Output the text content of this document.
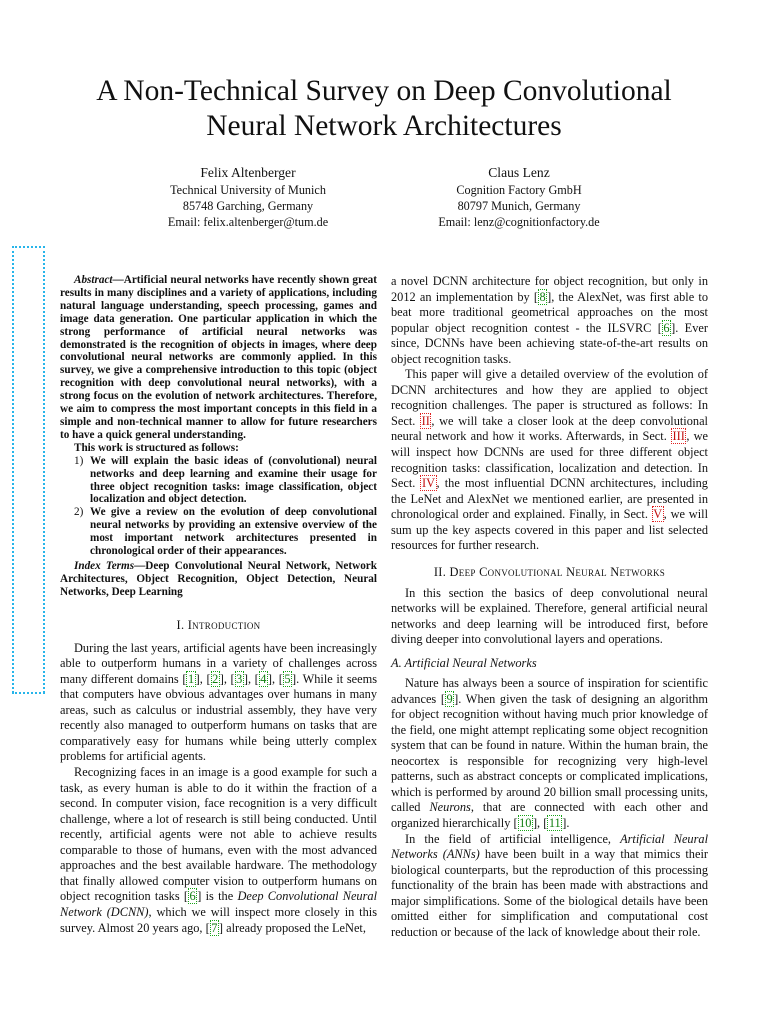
A Non-Technical Survey on Deep Convolutional
Neural Network Architectures
Felix Altenberger
Technical University of Munich
85748 Garching, Germany
Email: felix.altenberger@tum.de
Claus Lenz
Cognition Factory GmbH
80797 Munich, Germany
Email: lenz@cognitionfactory.de

Abstract—Artificial neural networks have recently shown great results in many disciplines and a variety of applications, including natural language understanding, speech processing, games and image data generation. One particular application in which the strong performance of artificial neural networks was demonstrated is the recognition of objects in images, where deep convolutional neural networks are commonly applied. In this survey, we give a comprehensive introduction to this topic (object recognition with deep convolutional neural networks), with a strong focus on the evolution of network architectures. Therefore, we aim to compress the most important concepts in this field in a simple and non-technical manner to allow for future researchers to have a quick general understanding.

This work is structured as follows:

1) We will explain the basic ideas of (convolutional) neural networks and deep learning and examine their usage for three object recognition tasks: image classification, object localization and object detection.
2) We give a review on the evolution of deep convolutional neural networks by providing an extensive overview of the most important network architectures presented in chronological order of their appearances.

Index Terms—Deep Convolutional Neural Network, Network Architectures, Object Recognition, Object Detection, Neural Networks, Deep Learning

I. Introduction

During the last years, artificial agents have been increasingly able to outperform humans in a variety of challenges across many different domains [ 1 ], [ 2 ], [ 3 ], [ 4 ], [ 5 ]. While it seems that computers have obvious advantages over humans in many areas, such as calculus or industrial assembly, they have very recently also managed to outperform humans on tasks that are comparatively easy for humans while being utterly complex problems for artificial agents.

Recognizing faces in an image is a good example for such a task, as every human is able to do it within the fraction of a second. In computer vision, face recognition is a very difficult challenge, where a lot of research is still being conducted. Until recently, artificial agents were not able to achieve results comparable to those of humans, even with the most advanced approaches and the best available hardware. The methodology that finally allowed computer vision to outperform humans on object recognition tasks [ 6 ] is the Deep Convolutional Neural Network (DCNN), which we will inspect more closely in this survey. Almost 20 years ago, [ 7 ] already proposed the LeNet,

a novel DCNN architecture for object recognition, but only in 2012 an implementation by [ 8 ], the AlexNet, was first able to beat more traditional geometrical approaches on the most popular object recognition contest - the ILSVRC [ 6 ]. Ever since, DCNNs have been achieving state-of-the-art results on object recognition tasks.

This paper will give a detailed overview of the evolution of DCNN architectures and how they are applied to object recognition challenges. The paper is structured as follows: In Sect. II , we will take a closer look at the deep convolutional neural network and how it works. Afterwards, in Sect. III , we will inspect how DCNNs are used for three different object recognition tasks: classification, localization and detection. In Sect. IV , the most influential DCNN architectures, including the LeNet and AlexNet we mentioned earlier, are presented in chronological order and explained. Finally, in Sect. V , we will sum up the key aspects covered in this paper and list selected resources for further research.

II. Deep Convolutional Neural Networks

In this section the basics of deep convolutional neural networks will be explained. Therefore, general artificial neural networks and deep learning will be introduced first, before diving deeper into convolutional layers and operations.

A. Artificial Neural Networks

Nature has always been a source of inspiration for scientific advances [ 9 ]. When given the task of designing an algorithm for object recognition without having much prior knowledge of the field, one might attempt replicating some object recognition system that can be found in nature. Within the human brain, the neocortex is responsible for recognizing very high-level patterns, such as abstract concepts or complicated implications, which is performed by around 20 billion small processing units, called Neurons, that are connected with each other and organized hierarchically [ 10 ], [ 11 ].

In the field of artificial intelligence, Artificial Neural Networks (ANNs) have been built in a way that mimics their biological counterparts, but the reproduction of this processing functionality of the brain has been made with abstractions and major simplifications. Some of the biological details have been omitted either for simplification and computational cost reduction or because of the lack of knowledge about their role.
